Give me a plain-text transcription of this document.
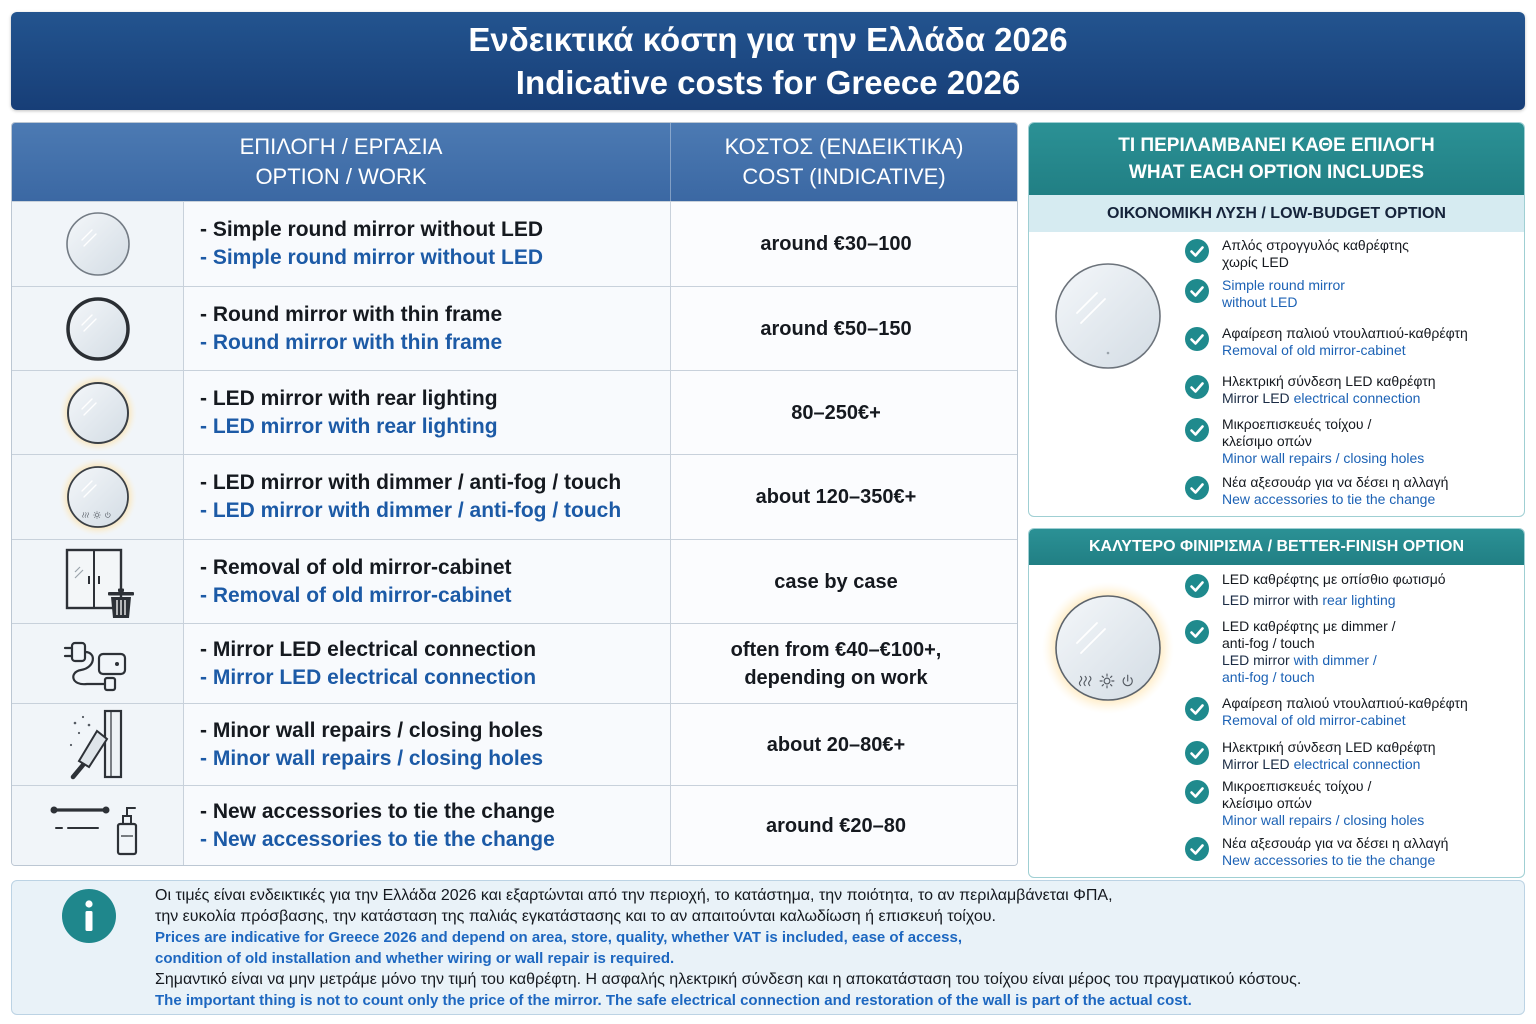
Ενδεικτικά κόστη για την Ελλάδα 2026
Indicative costs for Greece 2026
ΕΠΙΛΟΓΗ / ΕΡΓΑΣΙΑ
OPTION / WORK
ΚΟΣΤΟΣ (ΕΝΔΕΙΚΤΙΚΑ)
COST (INDICATIVE)
- Simple round mirror without LED
- Simple round mirror without LED
around €30–100
- Round mirror with thin frame
- Round mirror with thin frame
around €50–150
- LED mirror with rear lighting
- LED mirror with rear lighting
80–250€+
- LED mirror with dimmer / anti-fog / touch
- LED mirror with dimmer / anti-fog / touch
about 120–350€+
- Removal of old mirror-cabinet
- Removal of old mirror-cabinet
case by case
- Mirror LED electrical connection
- Mirror LED electrical connection
often from €40–€100+,
depending on work
- Minor wall repairs / closing holes
- Minor wall repairs / closing holes
about 20–80€+
- New accessories to tie the change
- New accessories to tie the change
around €20–80
ΤΙ ΠΕΡΙΛΑΜΒΑΝΕΙ ΚΑΘΕ ΕΠΙΛΟΓΗ
WHAT EACH OPTION INCLUDES
ΟΙΚΟΝΟΜΙΚΗ ΛΥΣΗ / LOW-BUDGET OPTION
Απλός στρογγυλός καθρέφτης
χωρίς LED
Simple round mirror
without LED
Αφαίρεση παλιού ντουλαπιού-καθρέφτη
Removal of old mirror-cabinet
Ηλεκτρική σύνδεση LED καθρέφτη
Mirror LED electrical connection
Μικροεπισκευές τοίχου /
κλείσιμο οπών
Minor wall repairs / closing holes
Νέα αξεσουάρ για να δέσει η αλλαγή
New accessories to tie the change
ΚΑΛΥΤΕΡΟ ΦΙΝΙΡΙΣΜΑ / BETTER-FINISH OPTION
LED καθρέφτης με οπίσθιο φωτισμό
LED mirror with rear lighting
LED καθρέφτης με dimmer /
anti-fog / touch
LED mirror with dimmer /
anti-fog / touch
Αφαίρεση παλιού ντουλαπιού-καθρέφτη
Removal of old mirror-cabinet
Ηλεκτρική σύνδεση LED καθρέφτη
Mirror LED electrical connection
Μικροεπισκευές τοίχου /
κλείσιμο οπών
Minor wall repairs / closing holes
Νέα αξεσουάρ για να δέσει η αλλαγή
New accessories to tie the change
Οι τιμές είναι ενδεικτικές για την Ελλάδα 2026 και εξαρτώνται από την περιοχή, το κατάστημα, την ποιότητα, το αν περιλαμβάνεται ΦΠΑ,
την ευκολία πρόσβασης, την κατάσταση της παλιάς εγκατάστασης και το αν απαιτούνται καλωδίωση ή επισκευή τοίχου.
Prices are indicative for Greece 2026 and depend on area, store, quality, whether VAT is included, ease of access,
condition of old installation and whether wiring or wall repair is required.
Σημαντικό είναι να μην μετράμε μόνο την τιμή του καθρέφτη. Η ασφαλής ηλεκτρική σύνδεση και η αποκατάσταση του τοίχου είναι μέρος του πραγματικού κόστους.
The important thing is not to count only the price of the mirror. The safe electrical connection and restoration of the wall is part of the actual cost.
